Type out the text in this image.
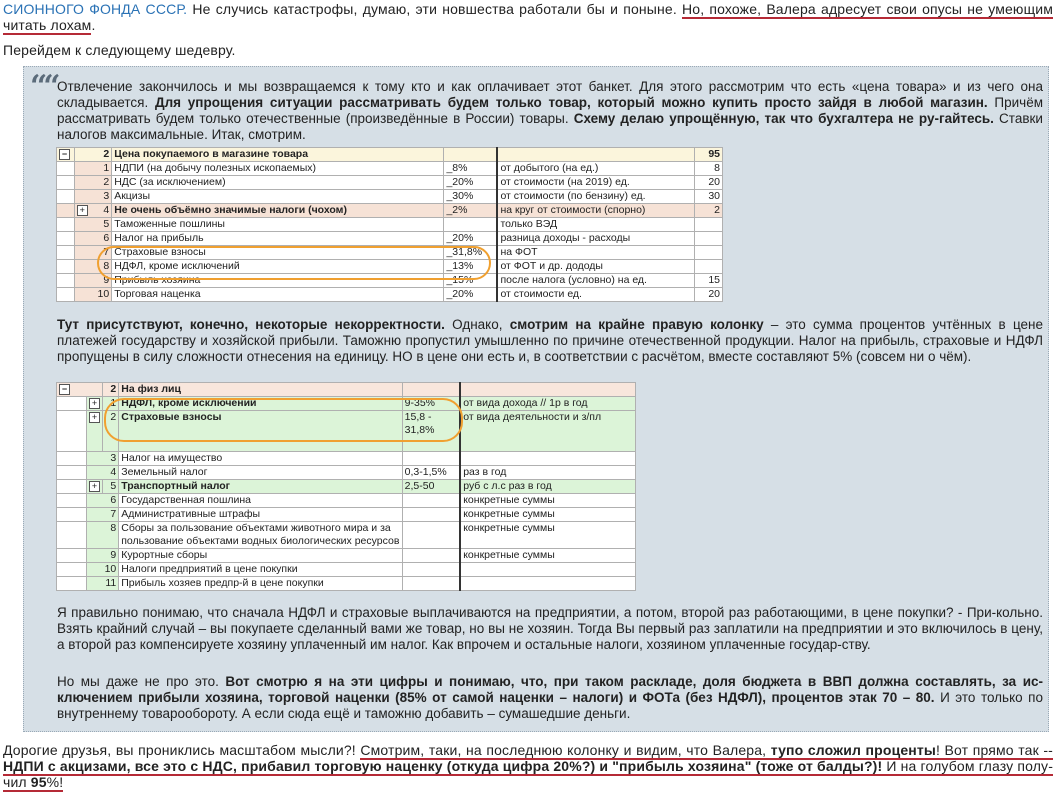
СИОННОГО ФОНДА СССР. Не случись катастрофы, думаю, эти новшества работали бы и поныне. Но, похоже, Валера адресует свои опусы не умеющим
читать лохам.
Перейдем к следующему шедевру.
““ Отвлечение закончилось и мы возвращаемся к тому кто и как оплачивает этот банкет. Для этого рассмотрим что есть «цена товара» и из чего она складывается. Для упрощения ситуации рассматривать будем только товар, который можно купить просто зайдя в любой магазин. Причём рассматривать будем только отечественные (произведённые в России) товары. Схему делаю упрощённую, так что бухгалтера не ру-гайтесь. Ставки налогов максимальные. Итак, смотрим.

−	2	Цена покупаемого в магазине товара			95
	1	НДПИ (на добычу полезных ископаемых)	_8%	от добытого (на ед.)	8
	2	НДС (за исключением)	_20%	от стоимости (на 2019) ед.	20
	3	Акцизы	_30%	от стоимости (по бензину) ед.	30

	+ 4	Не очень объёмно значимые налоги (чохом)	_2%	на круг от стоимости (спорно)	2
	5	Таможенные пошлины		только ВЭД	
	6	Налог на прибыль	_20%	разница доходы - расходы	
	7	Страховые взносы	_31,8%	на ФОТ	
	8	НДФЛ, кроме исключений	_13%	от ФОТ и др. дододы	
	9	Прибыль хозяина	_15%	после налога (условно) на ед.	15
	10	Торговая наценка	_20%	от стоимости ед.	20

Тут присутствуют, конечно, некоторые некорректности. Однако, смотрим на крайне правую колонку – это сумма процентов учтённых в цене платежей государству и хозяйской прибыли. Таможню пропустил умышленно по причине отечественной продукции. Налог на прибыль, страховые и НДФЛ пропущены в силу сложности отнесения на единицу. НО в цене они есть и, в соответствии с расчётом, вместе составляют 5% (совсем ни о чём).

−		2	На физ лиц		
	+	1	НДФЛ, кроме исключений	9-35%	от вида дохода // 1р в год
	+	2	Страховые взносы	15,8 - 31,8%	от вида деятельности и з/пл
		3	Налог на имущество		
		4	Земельный налог	0,3-1,5%	раз в год
	+	5	Транспортный налог	2,5-50	руб с л.с раз в год
		6	Государственная пошлина		конкретные суммы
		7	Административные штрафы		конкретные суммы
		8	Сборы за пользование объектами животного мира и за пользование объектами водных биологических ресурсов		конкретные суммы
		9	Курортные сборы		конкретные суммы
		10	Налоги предприятий в цене покупки		
		11	Прибыль хозяев предпр-й в цене покупки		

Я правильно понимаю, что сначала НДФЛ и страховые выплачиваются на предприятии, а потом, второй раз работающими, в цене покупки? - При-кольно. Взять крайний случай – вы покупаете сделанный вами же товар, но вы не хозяин. Тогда Вы первый раз заплатили на предприятии и это включилось в цену, а второй раз компенсируете хозяину уплаченный им налог. Как впрочем и остальные налоги, хозяином уплаченные государ-ству.

Но мы даже не про это. Вот смотрю я на эти цифры и понимаю, что, при таком раскладе, доля бюджета в ВВП должна составлять, за ис-ключением прибыли хозяина, торговой наценки (85% от самой наценки – налоги) и ФОТа (без НДФЛ), процентов этак 70 – 80. И это только по внутреннему товарообороту. А если сюда ещё и таможню добавить – сумашедшие деньги.

Дорогие друзья, вы прониклись масштабом мысли?! Смотрим, таки, на последнюю колонку и видим, что Валера, тупо сложил проценты! Вот прямо так -- НДПИ с акцизами, все это с НДС, прибавил торговую наценку (откуда цифра 20%?) и "прибыль хозяина" (тоже от балды?)! И на голубом глазу полу- чил 95%!
